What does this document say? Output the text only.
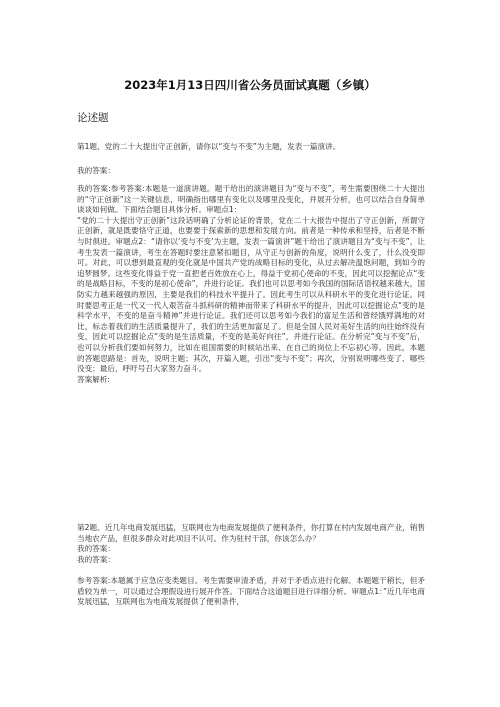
2023年1月13日四川省公务员面试真题（乡镇）
论述题

第1题、党的二十大提出守正创新，请你以“变与不变”为主题，发表一篇演讲。

我的答案：

我的答案:参考答案:本题是一道演讲题。题干给出的演讲题目为“变与不变”，考生需要围绕二十大提出的“守正创新”这一关键信息，明确指出哪里有变化以及哪里没变化，并展开分析，也可以结合自身简单谈谈如何做。下面结合题目具体分析。审题点1：

“党的二十大提出守正创新”这段话明确了分析论证的背景，党在二十大报告中提出了守正创新，所谓守正创新，就是既要恪守正道，也要要于探索新的思想和发展方向。前者是一种传承和坚持，后者是不断与时俱进。审题点2：“请你以‘变与不变’为主题，发表一篇演讲”题干给出了演讲题目为“变与不变”，让考生发表一篇演讲，考生在答题时要注意紧扣题目，从守正与创新的角度，说明什么变了，什么没变即可。对此，可以想到最直观的变化就是中国共产党的战略目标的变化，从过去解决温饱问题，到如今的追梦圆梦。这些变化得益于党一直把老百姓放在心上，得益于党初心使命的不变，因此可以挖掘论点“变的是战略目标，不变的是初心使命”，并进行论证。我们也可以思考如今我国的国际话语权越来越大，国防实力越来越强的原因，主要是我们的科技水平提升了。因此考生可以从科研水平的变化进行论证。同时要思考正是一代又一代人艰苦奋斗抓科研的精神而带来了科研水平的提升，因此可以挖掘论点“变的是科学水平，不变的是奋斗精神”并进行论证。我们还可以思考如今我们的富足生活和曾经饿殍满地的对比，标志着我们的生活质量提升了，我们的生活更加富足了。但是全国人民对美好生活的向往始终没有变，因此可以挖掘论点“变的是生活质量，不变的是美好向往”，并进行论证。在分析完“变与不变”后，也可以分析我们要如何努力，比如在祖国需要的时候站出来、在自己的岗位上不忘初心等。因此，本题的答题思路是：首先，说明主题；其次，开篇入题，引出“变与不变”；再次，分别说明哪些变了、哪些没变；最后，呼吁号召大家努力奋斗。

答案解析:

第2题、近几年电商发展迅猛，互联网也为电商发展提供了便利条件，你打算在村内发展电商产业，销售当地农产品，但很多群众对此项目不认可。作为驻村干部，你该怎么办？

我的答案：

我的答案：

参考答案:本题属于应急应变类题目。考生需要审清矛盾，并对于矛盾点进行化解。本题题干稍长，但矛盾较为单一，可以通过合理假设进行展开作答。下面结合这道题目进行详细分析。审题点1：”近几年电商发展迅猛，互联网也为电商发展提供了便利条件，
